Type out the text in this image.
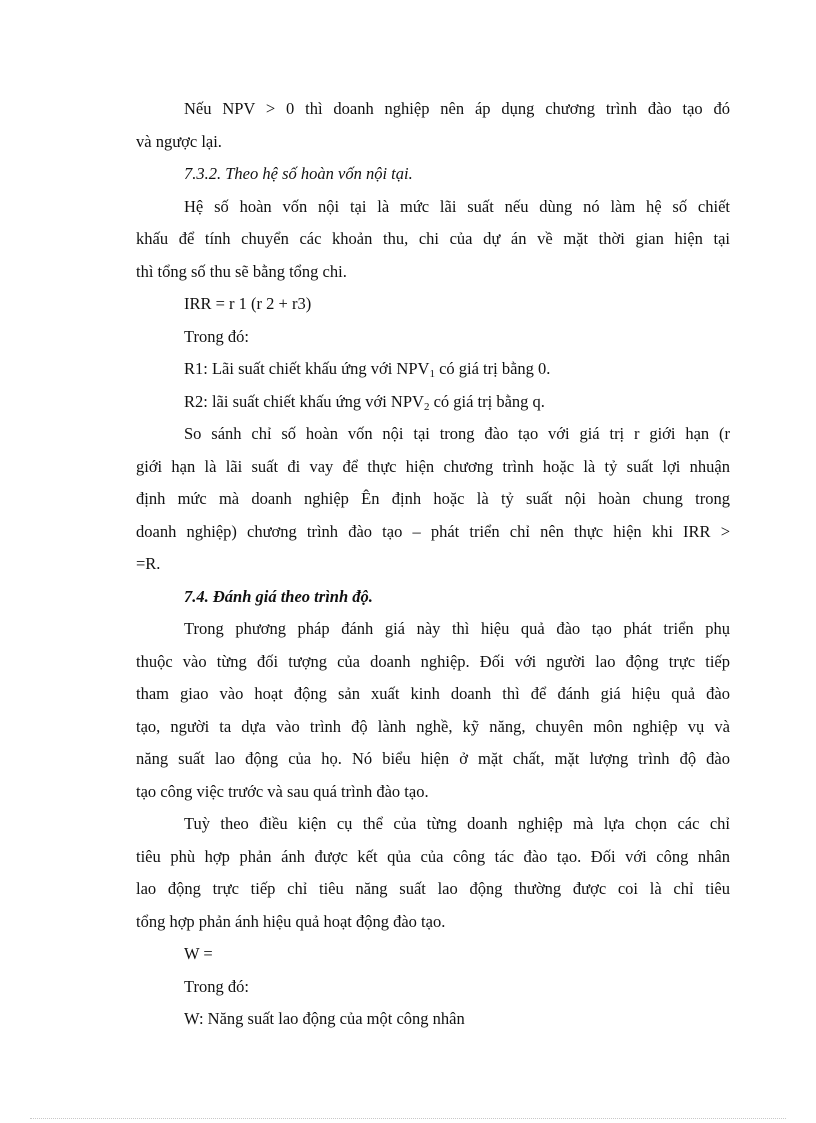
Nếu NPV > 0 thì doanh nghiệp nên áp dụng chương trình đào tạo đó
và ngược lại.
7.3.2. Theo hệ số hoàn vốn nội tại.
Hệ số hoàn vốn nội tại là mức lãi suất nếu dùng nó làm hệ số chiết
khấu để tính chuyển các khoản thu, chi của dự án về mặt thời gian hiện tại
thì tổng số thu sẽ bằng tổng chi.
IRR = r 1 (r 2 + r3)
Trong đó:
R1: Lãi suất chiết khấu ứng với $NPV_1$ có giá trị bằng 0.
R2: lãi suất chiết khấu ứng với $NPV_2$ có giá trị bằng q.
So sánh chỉ số hoàn vốn nội tại trong đào tạo với giá trị r giới hạn (r
giới hạn là lãi suất đi vay để thực hiện chương trình hoặc là tỷ suất lợi nhuận
định mức mà doanh nghiệp Ên định hoặc là tỷ suất nội hoàn chung trong
doanh nghiệp) chương trình đào tạo – phát triển chỉ nên thực hiện khi IRR >
=R.
7.4. Đánh giá theo trình độ.
Trong phương pháp đánh giá này thì hiệu quả đào tạo phát triển phụ
thuộc vào từng đối tượng của doanh nghiệp. Đối với người lao động trực tiếp
tham giao vào hoạt động sản xuất kinh doanh thì để đánh giá hiệu quả đào
tạo, người ta dựa vào trình độ lành nghề, kỹ năng, chuyên môn nghiệp vụ và
năng suất lao động của họ. Nó biểu hiện ở mặt chất, mặt lượng trình độ đào
tạo công việc trước và sau quá trình đào tạo.
Tuỳ theo điều kiện cụ thể của từng doanh nghiệp mà lựa chọn các chỉ
tiêu phù hợp phản ánh được kết qủa của công tác đào tạo. Đối với công nhân
lao động trực tiếp chỉ tiêu năng suất lao động thường được coi là chỉ tiêu
tổng hợp phản ánh hiệu quả hoạt động đào tạo.
W =
Trong đó:
W: Năng suất lao động của một công nhân
